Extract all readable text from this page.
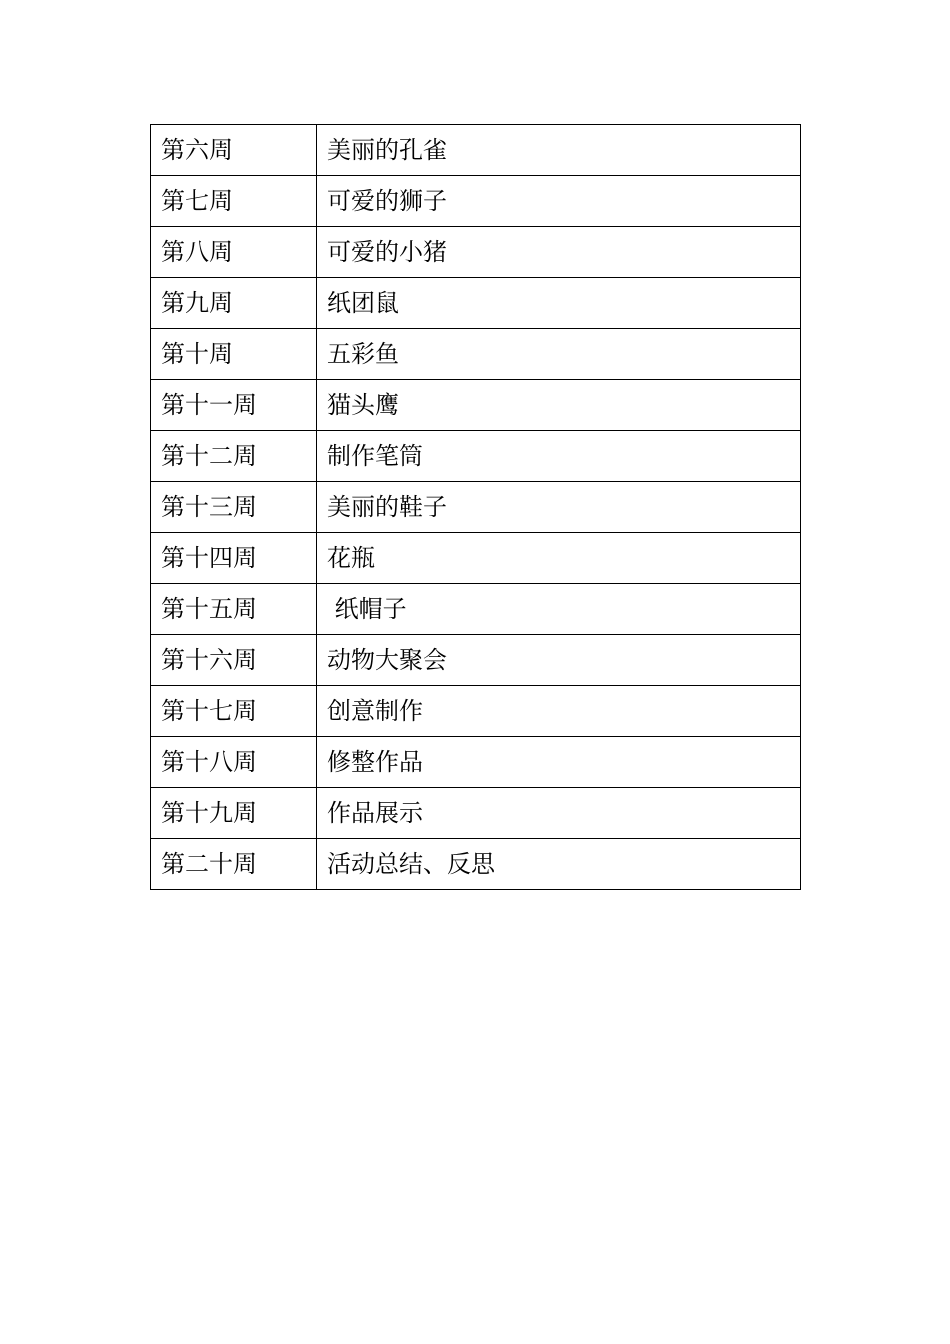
第六周	美丽的孔雀
第七周	可爱的狮子
第八周	可爱的小猪
第九周	纸团鼠
第十周	五彩鱼
第十一周	猫头鹰
第十二周	制作笔筒
第十三周	美丽的鞋子
第十四周	花瓶
第十五周	纸帽子
第十六周	动物大聚会
第十七周	创意制作
第十八周	修整作品
第十九周	作品展示
第二十周	活动总结、反思
